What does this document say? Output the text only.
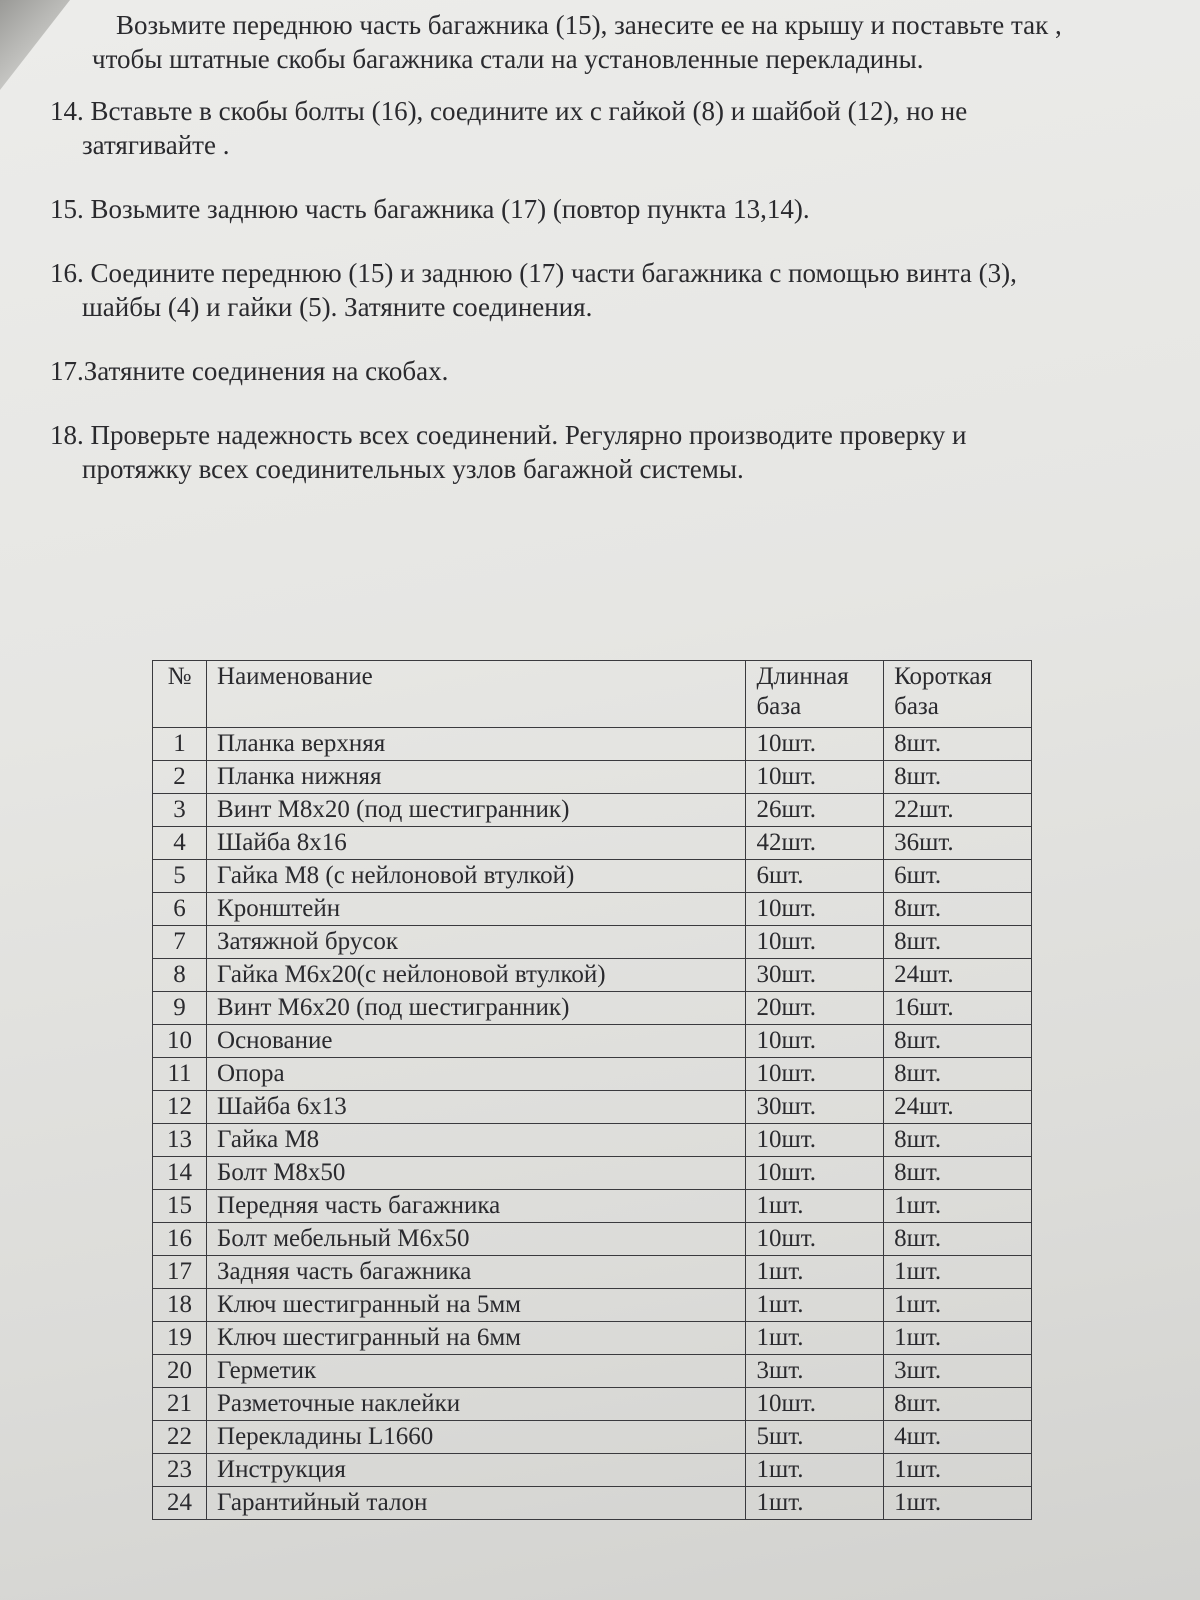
Возьмите переднюю часть багажника (15), занесите ее на крышу и поставьте так ,
чтобы штатные скобы багажника стали на установленные перекладины.

14. Вставьте в скобы болты (16), соедините их с гайкой (8) и шайбой (12), но не
затягивайте .

15. Возьмите заднюю часть багажника (17) (повтор пункта 13,14).

16. Соедините переднюю (15) и заднюю (17) части багажника с помощью винта (3),
шайбы (4) и гайки (5). Затяните соединения.

17.Затяните соединения на скобах.

18. Проверьте надежность всех соединений. Регулярно производите проверку и
протяжку всех соединительных узлов багажной системы.

№	Наименование	Длинная база	Короткая база
1	Планка верхняя	10шт.	8шт.
2	Планка нижняя	10шт.	8шт.
3	Винт М8х20 (под шестигранник)	26шт.	22шт.
4	Шайба 8х16	42шт.	36шт.
5	Гайка М8 (с нейлоновой втулкой)	6шт.	6шт.
6	Кронштейн	10шт.	8шт.
7	Затяжной брусок	10шт.	8шт.
8	Гайка М6х20(с нейлоновой втулкой)	30шт.	24шт.
9	Винт М6х20 (под шестигранник)	20шт.	16шт.
10	Основание	10шт.	8шт.
11	Опора	10шт.	8шт.
12	Шайба 6х13	30шт.	24шт.
13	Гайка М8	10шт.	8шт.
14	Болт М8х50	10шт.	8шт.
15	Передняя часть багажника	1шт.	1шт.
16	Болт мебельный М6х50	10шт.	8шт.
17	Задняя часть багажника	1шт.	1шт.
18	Ключ шестигранный на 5мм	1шт.	1шт.
19	Ключ шестигранный на 6мм	1шт.	1шт.
20	Герметик	3шт.	3шт.
21	Разметочные наклейки	10шт.	8шт.
22	Перекладины L1660	5шт.	4шт.
23	Инструкция	1шт.	1шт.
24	Гарантийный талон	1шт.	1шт.
